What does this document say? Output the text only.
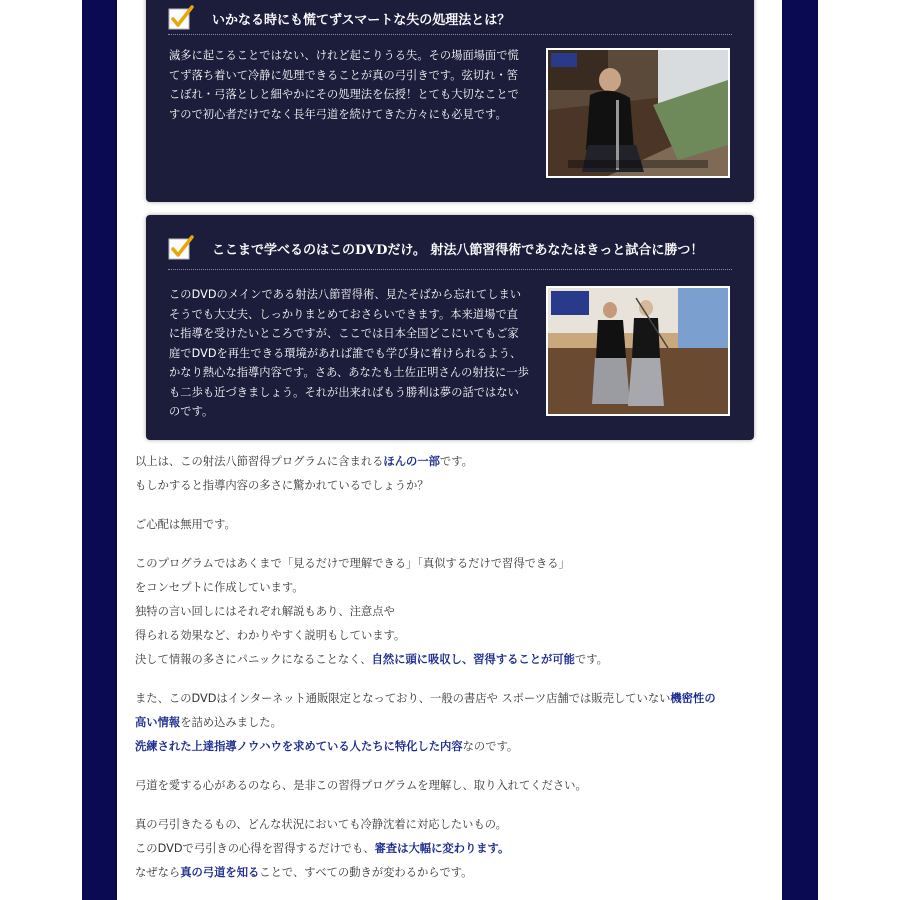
いかなる時にも慌てずスマートな失の処理法とは？
滅多に起こることではない、けれど起こりうる失。その場面場面で慌てず落ち着いて冷静に処理できることが真の弓引きです。弦切れ・筈こぼれ・弓落としと細やかにその処理法を伝授！とても大切なことですので初心者だけでなく長年弓道を続けてきた方々にも必見です。
ここまで学べるのはこのDVDだけ。 射法八節習得術であなたはきっと試合に勝つ！
このDVDのメインである射法八節習得術、見たそばから忘れてしまいそうでも大丈夫、しっかりまとめておさらいできます。本来道場で直に指導を受けたいところですが、ここでは日本全国どこにいてもご家庭でDVDを再生できる環境があれば誰でも学び身に着けられるよう、かなり熱心な指導内容です。さあ、あなたも土佐正明さんの射技に一歩も二歩も近づきましょう。それが出来ればもう勝利は夢の話ではないのです。
以上は、この射法八節習得プログラムに含まれるほんの一部です。
もしかすると指導内容の多さに驚かれているでしょうか？
ご心配は無用です。
このプログラムではあくまで「見るだけで理解できる」「真似するだけで習得できる」
をコンセプトに作成しています。
独特の言い回しにはそれぞれ解説もあり、注意点や
得られる効果など、わかりやすく説明もしています。
決して情報の多さにパニックになることなく、自然に頭に吸収し、習得することが可能です。
また、このDVDはインターネット通販限定となっており、一般の書店や スポーツ店舗では販売していない機密性の
高い情報を詰め込みました。
洗練された上達指導ノウハウを求めている人たちに特化した内容なのです。
弓道を愛する心があるのなら、是非この習得プログラムを理解し、取り入れてください。
真の弓引きたるもの、どんな状況においても冷静沈着に対応したいもの。
このDVDで弓引きの心得を習得するだけでも、審査は大幅に変わります。
なぜなら真の弓道を知ることで、すべての動きが変わるからです。
